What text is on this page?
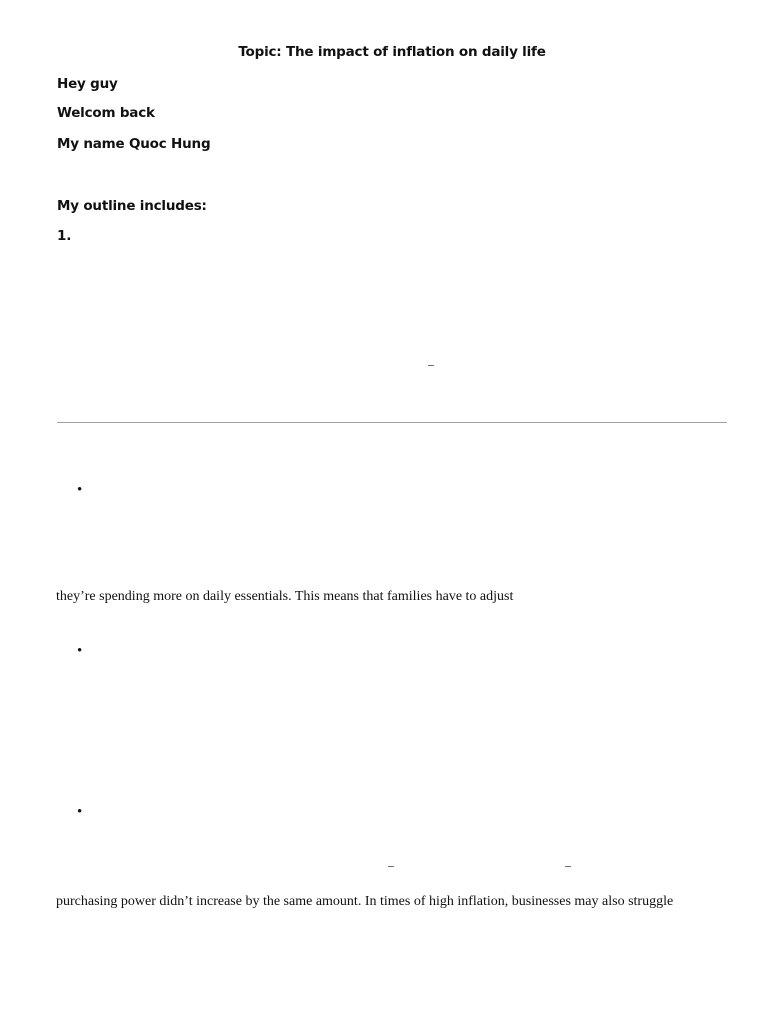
Topic: The impact of inflation on daily life
Hey guy
Welcom back
My name Quoc Hung
My outline includes:
1.
–
•
they’re spending more on daily essentials. This means that families have to adjust
•
•
–	–
purchasing power didn’t increase by the same amount. In times of high inflation, businesses may also struggle
